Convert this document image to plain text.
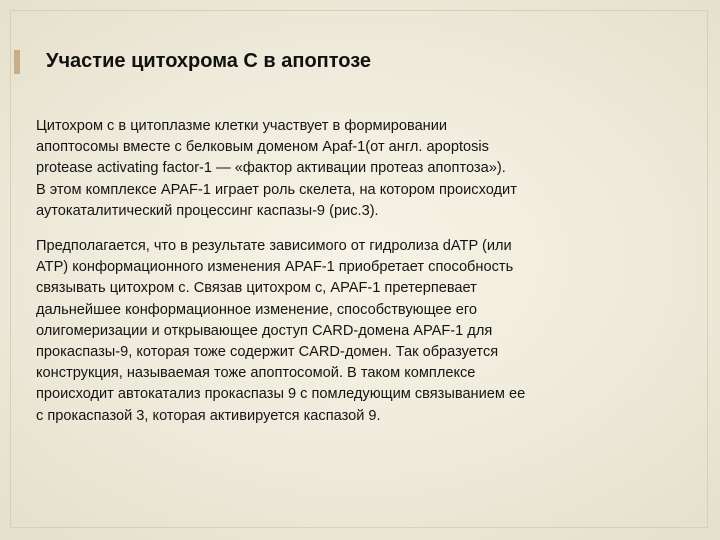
Участие цитохрома С в апоптозе

Цитохром с в цитоплазме клетки участвует в формировании
апоптосомы вместе с белковым доменом Apaf-1(от англ. apoptosis
protease activating factor-1 — «фактор активации протеаз апоптоза»).
В этом комплексе APAF-1 играет роль скелета, на котором происходит
аутокаталитический процессинг каспазы-9 (рис.3).

Предполагается, что в результате зависимого от гидролиза dATP (или
ATP) конформационного изменения APAF-1 приобретает способность
связывать цитохром с. Связав цитохром с, APAF-1 претерпевает
дальнейшее конформационное изменение, способствующее его
олигомеризации и открывающее доступ CARD-домена APAF-1 для
прокаспазы-9, которая тоже содержит CARD-домен. Так образуется
конструкция, называемая тоже апоптосомой. В таком комплексе
происходит автокатализ прокаспазы 9 с помледующим связыванием ее
с прокаспазой 3, которая активируется каспазой 9.
